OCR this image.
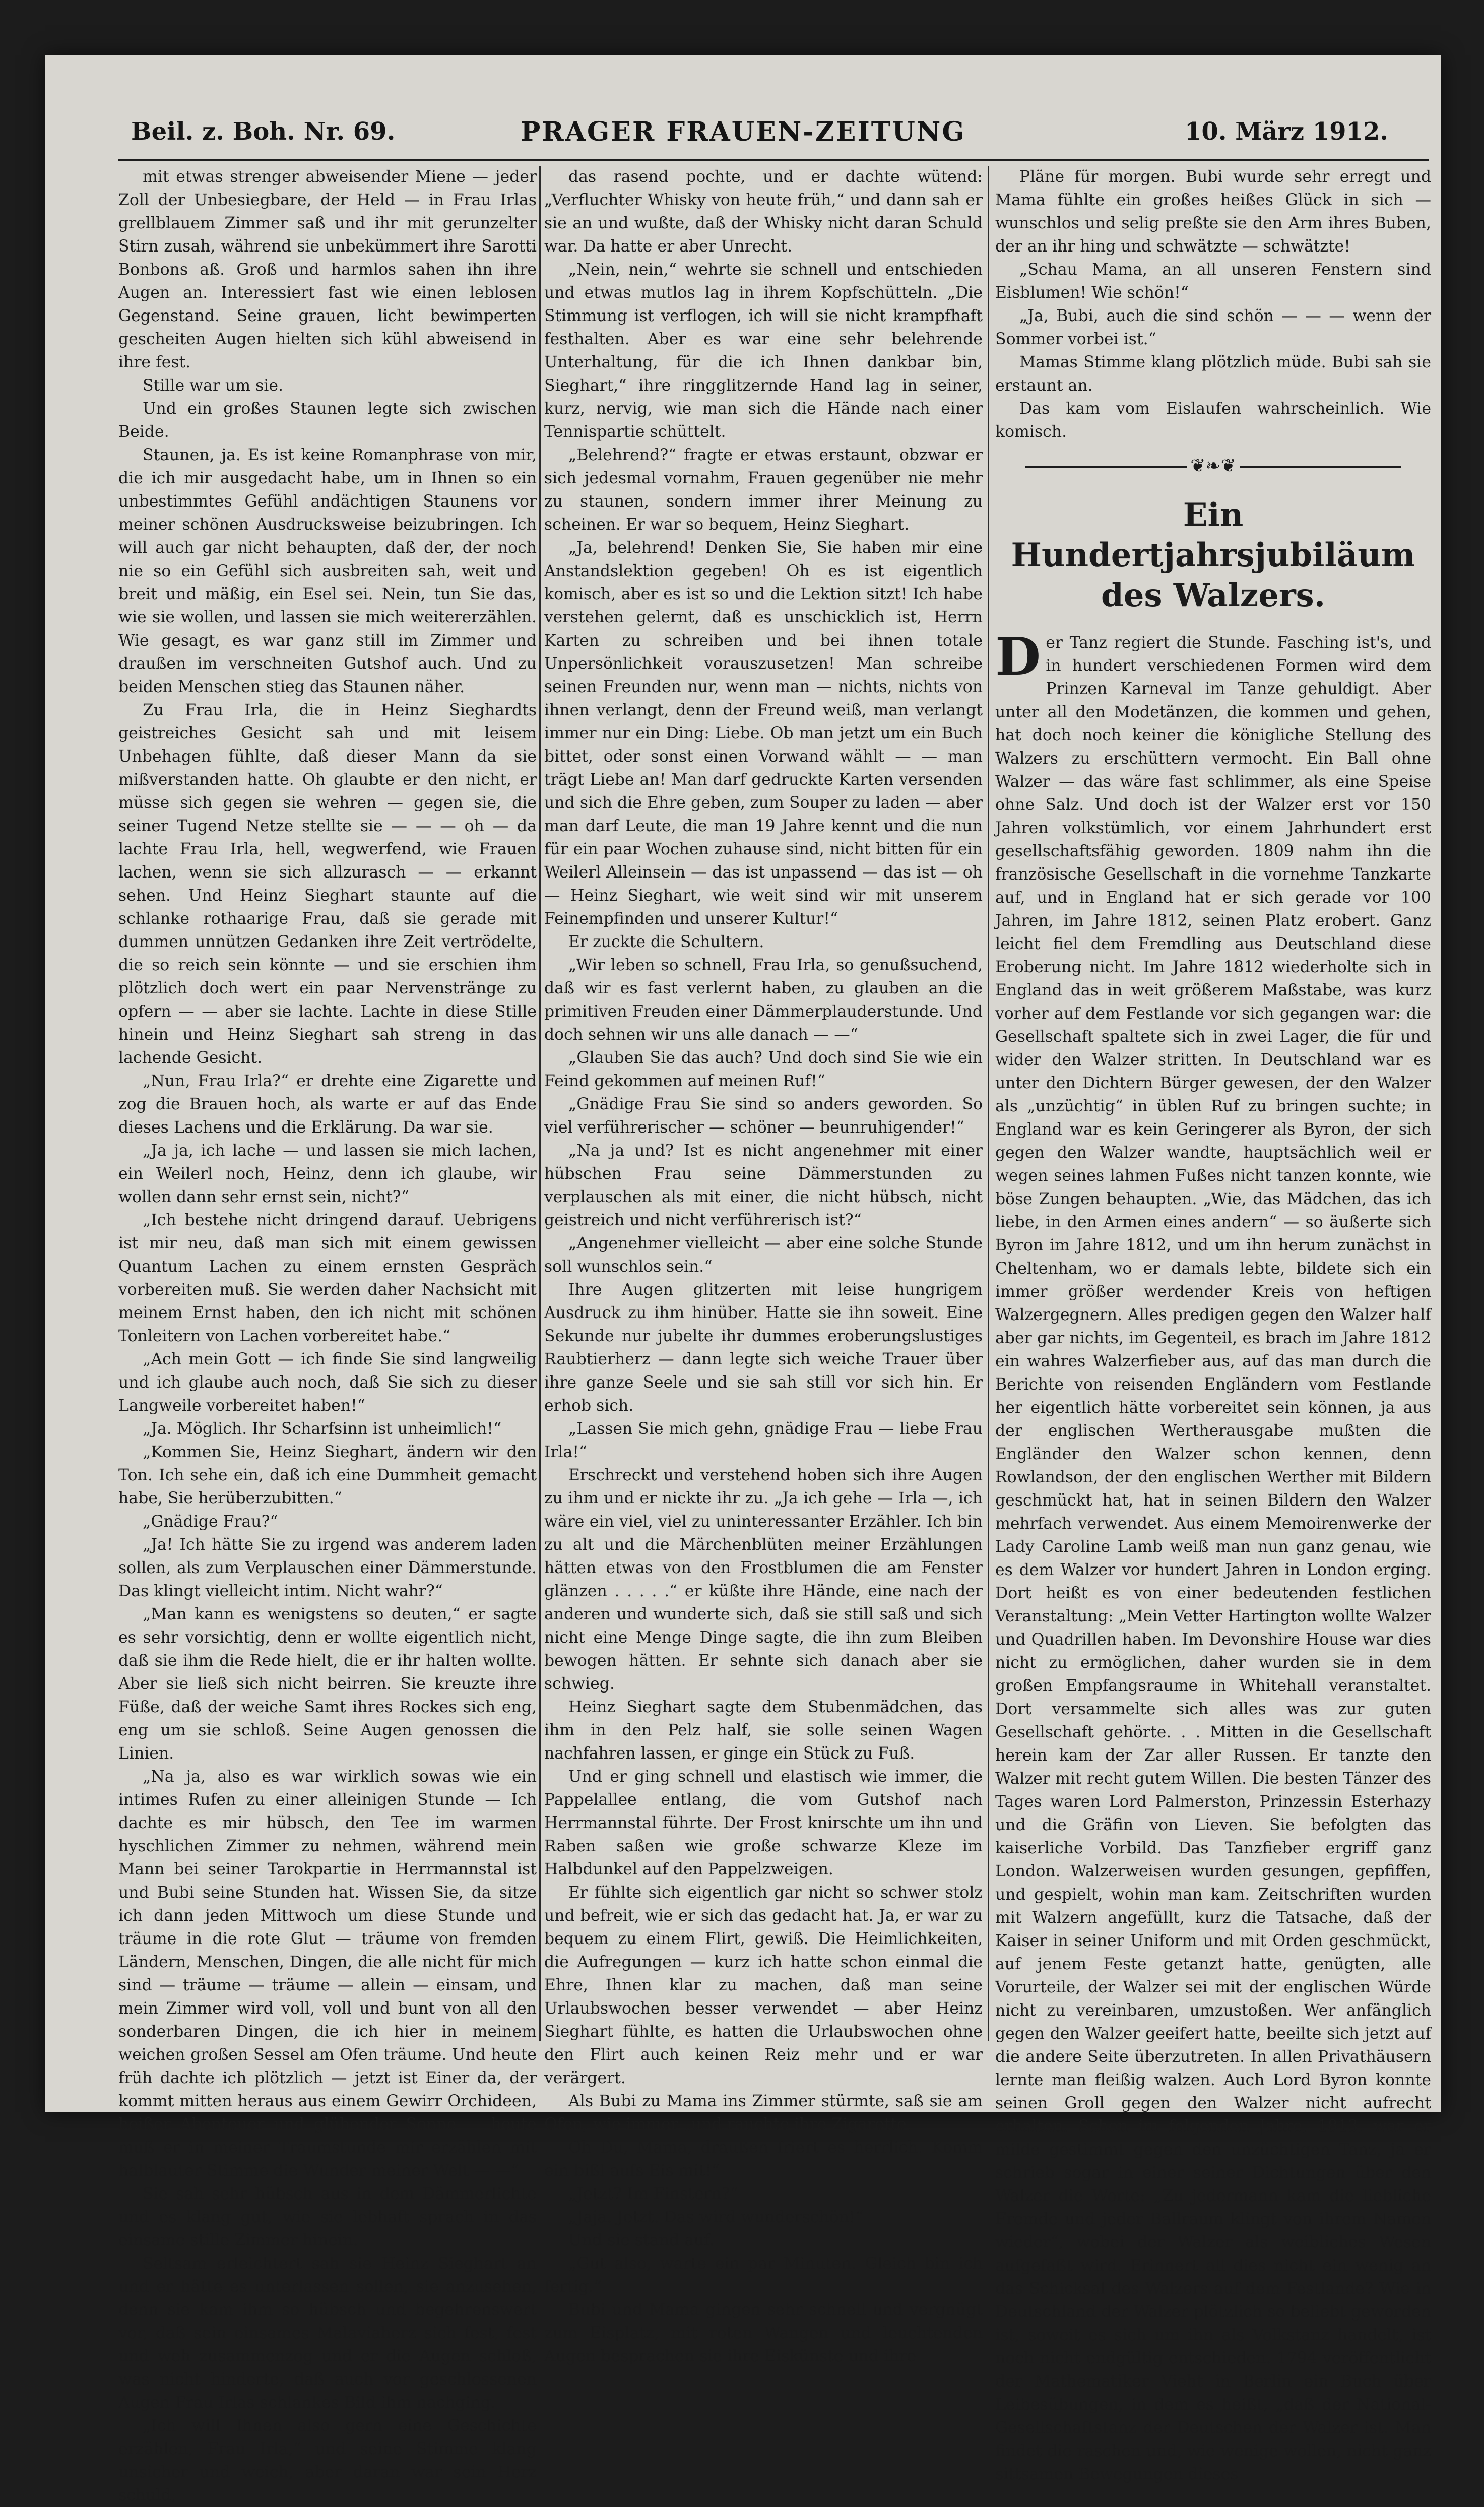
Beil. z. Boh. Nr. 69.	PRAGER FRAUEN-ZEITUNG	10. März 1912.

mit etwas strenger abweisender Miene — jeder Zoll der Unbesiegbare, der Held — in Frau Irlas grellblauem Zimmer saß und ihr mit gerunzelter Stirn zusah, während sie unbekümmert ihre Sarotti Bonbons aß. Groß und harmlos sahen ihn ihre Augen an. Interessiert fast wie einen leblosen Gegenstand. Seine grauen, licht bewimperten gescheiten Augen hielten sich kühl abweisend in ihre fest.

Stille war um sie.

Und ein großes Staunen legte sich zwischen Beide.

Staunen, ja. Es ist keine Romanphrase von mir, die ich mir ausgedacht habe, um in Ihnen so ein unbestimmtes Gefühl andächtigen Staunens vor meiner schönen Ausdrucksweise beizubringen. Ich will auch gar nicht behaupten, daß der, der noch nie so ein Gefühl sich ausbreiten sah, weit und breit und mäßig, ein Esel sei. Nein, tun Sie das, wie sie wollen, und lassen sie mich weitererzählen. Wie gesagt, es war ganz still im Zimmer und draußen im verschneiten Gutshof auch. Und zu beiden Menschen stieg das Staunen näher.

Zu Frau Irla, die in Heinz Sieghardts geistreiches Gesicht sah und mit leisem Unbehagen fühlte, daß dieser Mann da sie mißverstanden hatte. Oh glaubte er den nicht, er müsse sich gegen sie wehren — gegen sie, die seiner Tugend Netze stellte sie — — — oh — da lachte Frau Irla, hell, wegwerfend, wie Frauen lachen, wenn sie sich allzurasch — — erkannt sehen. Und Heinz Sieghart staunte auf die schlanke rothaarige Frau, daß sie gerade mit dummen unnützen Gedanken ihre Zeit vertrödelte, die so reich sein könnte — und sie erschien ihm plötzlich doch wert ein paar Nervenstränge zu opfern — — aber sie lachte. Lachte in diese Stille hinein und Heinz Sieghart sah streng in das lachende Gesicht.

„Nun, Frau Irla?“ er drehte eine Zigarette und zog die Brauen hoch, als warte er auf das Ende dieses Lachens und die Erklärung. Da war sie.

„Ja ja, ich lache — und lassen sie mich lachen, ein Weilerl noch, Heinz, denn ich glaube, wir wollen dann sehr ernst sein, nicht?“

„Ich bestehe nicht dringend darauf. Uebrigens ist mir neu, daß man sich mit einem gewissen Quantum Lachen zu einem ernsten Gespräch vorbereiten muß. Sie werden daher Nachsicht mit meinem Ernst haben, den ich nicht mit schönen Tonleitern von Lachen vorbereitet habe.“

„Ach mein Gott — ich finde Sie sind langweilig und ich glaube auch noch, daß Sie sich zu dieser Langweile vorbereitet haben!“

„Ja. Möglich. Ihr Scharfsinn ist unheimlich!“

„Kommen Sie, Heinz Sieghart, ändern wir den Ton. Ich sehe ein, daß ich eine Dummheit gemacht habe, Sie herüberzubitten.“

„Gnädige Frau?“

„Ja! Ich hätte Sie zu irgend was anderem laden sollen, als zum Verplauschen einer Dämmerstunde. Das klingt vielleicht intim. Nicht wahr?“

„Man kann es wenigstens so deuten,“ er sagte es sehr vorsichtig, denn er wollte eigentlich nicht, daß sie ihm die Rede hielt, die er ihr halten wollte. Aber sie ließ sich nicht beirren. Sie kreuzte ihre Füße, daß der weiche Samt ihres Rockes sich eng, eng um sie schloß. Seine Augen genossen die Linien.

„Na ja, also es war wirklich sowas wie ein intimes Rufen zu einer alleinigen Stunde — Ich dachte es mir hübsch, den Tee im warmen hyschlichen Zimmer zu nehmen, während mein Mann bei seiner Tarokpartie in Herrmannstal ist und Bubi seine Stunden hat. Wissen Sie, da sitze ich dann jeden Mittwoch um diese Stunde und träume in die rote Glut — träume von fremden Ländern, Menschen, Dingen, die alle nicht für mich sind — träume — träume — allein — einsam, und mein Zimmer wird voll, voll und bunt von all den sonderbaren Dingen, die ich hier in meinem weichen großen Sessel am Ofen träume. Und heute früh dachte ich plötzlich — jetzt ist Einer da, der kommt mitten heraus aus einem Gewirr Orchideen, heißer Abenteuer und glühender Sonne — heute muß er in meiner Traumstunde mir erzählen mit halblauter Stimme die Wunder meiner Welt — —“

Sie sah sehr hübsch aus in dem Dämmerlichte und es klang gut, wie sie lebhaft sprach in das einsame stille Zimmer hinein.

Seltsam erleichtert sah sie Heinz Sieghart an und er hätte es unterlassen sollen, sie anzusehen, denn sie kam ihm so hübsch und begehrenswert vor, daß sein einsames Malaviaherz sich fest, fest und weh zusammenzog und er die Augen schloß, was nicht hinderte, daß auch vor geschlossenen Augen Frau Irlas schlankes Bild ihm nachging.

„Ich will Ihnen also gern eine Geschichte erzählen, Frau Irla,“ und seine Stimme klang unsicher und weich, aber daran war sein Herz schuld,

das rasend pochte, und er dachte wütend: „Verfluchter Whisky von heute früh,“ und dann sah er sie an und wußte, daß der Whisky nicht daran Schuld war. Da hatte er aber Unrecht.

„Nein, nein,“ wehrte sie schnell und entschieden und etwas mutlos lag in ihrem Kopfschütteln. „Die Stimmung ist verflogen, ich will sie nicht krampfhaft festhalten. Aber es war eine sehr belehrende Unterhaltung, für die ich Ihnen dankbar bin, Sieghart,“ ihre ringglitzernde Hand lag in seiner, kurz, nervig, wie man sich die Hände nach einer Tennispartie schüttelt.

„Belehrend?“ fragte er etwas erstaunt, obzwar er sich jedesmal vornahm, Frauen gegenüber nie mehr zu staunen, sondern immer ihrer Meinung zu scheinen. Er war so bequem, Heinz Sieghart.

„Ja, belehrend! Denken Sie, Sie haben mir eine Anstandslektion gegeben! Oh es ist eigentlich komisch, aber es ist so und die Lektion sitzt! Ich habe verstehen gelernt, daß es unschicklich ist, Herrn Karten zu schreiben und bei ihnen totale Unpersönlichkeit vorauszusetzen! Man schreibe seinen Freunden nur, wenn man — nichts, nichts von ihnen verlangt, denn der Freund weiß, man verlangt immer nur ein Ding: Liebe. Ob man jetzt um ein Buch bittet, oder sonst einen Vorwand wählt — — man trägt Liebe an! Man darf gedruckte Karten versenden und sich die Ehre geben, zum Souper zu laden — aber man darf Leute, die man 19 Jahre kennt und die nun für ein paar Wochen zuhause sind, nicht bitten für ein Weilerl Alleinsein — das ist unpassend — das ist — oh — Heinz Sieghart, wie weit sind wir mit unserem Feinempfinden und unserer Kultur!“

Er zuckte die Schultern.

„Wir leben so schnell, Frau Irla, so genußsuchend, daß wir es fast verlernt haben, zu glauben an die primitiven Freuden einer Dämmerplauderstunde. Und doch sehnen wir uns alle danach — —“

„Glauben Sie das auch? Und doch sind Sie wie ein Feind gekommen auf meinen Ruf!“

„Gnädige Frau Sie sind so anders geworden. So viel verführerischer — schöner — beunruhigender!“

„Na ja und? Ist es nicht angenehmer mit einer hübschen Frau seine Dämmerstunden zu verplauschen als mit einer, die nicht hübsch, nicht geistreich und nicht verführerisch ist?“

„Angenehmer vielleicht — aber eine solche Stunde soll wunschlos sein.“

Ihre Augen glitzerten mit leise hungrigem Ausdruck zu ihm hinüber. Hatte sie ihn soweit. Eine Sekunde nur jubelte ihr dummes eroberungslustiges Raubtierherz — dann legte sich weiche Trauer über ihre ganze Seele und sie sah still vor sich hin. Er erhob sich.

„Lassen Sie mich gehn, gnädige Frau — liebe Frau Irla!“

Erschreckt und verstehend hoben sich ihre Augen zu ihm und er nickte ihr zu. „Ja ich gehe — Irla —, ich wäre ein viel, viel zu uninteressanter Erzähler. Ich bin zu alt und die Märchenblüten meiner Erzählungen hätten etwas von den Frostblumen die am Fenster glänzen . . . . .“ er küßte ihre Hände, eine nach der anderen und wunderte sich, daß sie still saß und sich nicht eine Menge Dinge sagte, die ihn zum Bleiben bewogen hätten. Er sehnte sich danach aber sie schwieg.

Heinz Sieghart sagte dem Stubenmädchen, das ihm in den Pelz half, sie solle seinen Wagen nachfahren lassen, er ginge ein Stück zu Fuß.

Und er ging schnell und elastisch wie immer, die Pappelallee entlang, die vom Gutshof nach Herrmannstal führte. Der Frost knirschte um ihn und Raben saßen wie große schwarze Kleze im Halbdunkel auf den Pappelzweigen.

Er fühlte sich eigentlich gar nicht so schwer stolz und befreit, wie er sich das gedacht hat. Ja, er war zu bequem zu einem Flirt, gewiß. Die Heimlichkeiten, die Aufregungen — kurz ich hatte schon einmal die Ehre, Ihnen klar zu machen, daß man seine Urlaubswochen besser verwendet — aber Heinz Sieghart fühlte, es hatten die Urlaubswochen ohne den Flirt auch keinen Reiz mehr und er war verärgert.

Als Bubi zu Mama ins Zimmer stürmte, saß sie am Ofen, wie immer „und rauchte ihre Zigarette.

Oh Du, Mama, draußen friert es herrlich. Komm ein bißl aufs Eis mit!“

„Jetzt? Im Finstern?“

„Jaja. Jetzt. Das wird wunderschön!“

Und sie stand auf.

„Gut also, warte ein par Minuten. Gleich bin ich fertig.“

Bubi und Mama gingen sehr schnell und vergnügt zum Eisplatz, mit roten Wangen und leuchtenden Augen besprachen sie ihre Eiskünste und ihre

Pläne für morgen. Bubi wurde sehr erregt und Mama fühlte ein großes heißes Glück in sich — wunschlos und selig preßte sie den Arm ihres Buben, der an ihr hing und schwätzte — schwätzte!

„Schau Mama, an all unseren Fenstern sind Eisblumen! Wie schön!“

„Ja, Bubi, auch die sind schön — — — wenn der Sommer vorbei ist.“

Mamas Stimme klang plötzlich müde. Bubi sah sie erstaunt an.

Das kam vom Eislaufen wahrscheinlich. Wie komisch.

❦❧❦
Ein Hundertjahrsjubiläum des Walzers.

Der Tanz regiert die Stunde. Fasching ist's, und in hundert verschiedenen Formen wird dem Prinzen Karneval im Tanze gehuldigt. Aber unter all den Modetänzen, die kommen und gehen, hat doch noch keiner die königliche Stellung des Walzers zu erschüttern vermocht. Ein Ball ohne Walzer — das wäre fast schlimmer, als eine Speise ohne Salz. Und doch ist der Walzer erst vor 150 Jahren volkstümlich, vor einem Jahrhundert erst gesellschaftsfähig geworden. 1809 nahm ihn die französische Gesellschaft in die vornehme Tanzkarte auf, und in England hat er sich gerade vor 100 Jahren, im Jahre 1812, seinen Platz erobert. Ganz leicht fiel dem Fremdling aus Deutschland diese Eroberung nicht. Im Jahre 1812 wiederholte sich in England das in weit größerem Maßstabe, was kurz vorher auf dem Festlande vor sich gegangen war: die Gesellschaft spaltete sich in zwei Lager, die für und wider den Walzer stritten. In Deutschland war es unter den Dichtern Bürger gewesen, der den Walzer als „unzüchtig“ in üblen Ruf zu bringen suchte; in England war es kein Geringerer als Byron, der sich gegen den Walzer wandte, hauptsächlich weil er wegen seines lahmen Fußes nicht tanzen konnte, wie böse Zungen behaupten. „Wie, das Mädchen, das ich liebe, in den Armen eines andern“ — so äußerte sich Byron im Jahre 1812, und um ihn herum zunächst in Cheltenham, wo er damals lebte, bildete sich ein immer größer werdender Kreis von heftigen Walzergegnern. Alles predigen gegen den Walzer half aber gar nichts, im Gegenteil, es brach im Jahre 1812 ein wahres Walzerfieber aus, auf das man durch die Berichte von reisenden Engländern vom Festlande her eigentlich hätte vorbereitet sein können, ja aus der englischen Wertherausgabe mußten die Engländer den Walzer schon kennen, denn Rowlandson, der den englischen Werther mit Bildern geschmückt hat, hat in seinen Bildern den Walzer mehrfach verwendet. Aus einem Memoirenwerke der Lady Caroline Lamb weiß man nun ganz genau, wie es dem Walzer vor hundert Jahren in London erging. Dort heißt es von einer bedeutenden festlichen Veranstaltung: „Mein Vetter Hartington wollte Walzer und Quadrillen haben. Im Devonshire House war dies nicht zu ermöglichen, daher wurden sie in dem großen Empfangsraume in Whitehall veranstaltet. Dort versammelte sich alles was zur guten Gesellschaft gehörte. . . Mitten in die Gesellschaft herein kam der Zar aller Russen. Er tanzte den Walzer mit recht gutem Willen. Die besten Tänzer des Tages waren Lord Palmerston, Prinzessin Esterhazy und die Gräfin von Lieven. Sie befolgten das kaiserliche Vorbild. Das Tanzfieber ergriff ganz London. Walzerweisen wurden gesungen, gepfiffen, und gespielt, wohin man kam. Zeitschriften wurden mit Walzern angefüllt, kurz die Tatsache, daß der Kaiser in seiner Uniform und mit Orden geschmückt, auf jenem Feste getanzt hatte, genügten, alle Vorurteile, der Walzer sei mit der englischen Würde nicht zu vereinbaren, umzustoßen. Wer anfänglich gegen den Walzer geeifert hatte, beeilte sich jetzt auf die andere Seite überzutreten. In allen Privathäusern lernte man fleißig walzen. Auch Lord Byron konnte seinen Groll gegen den Walzer nicht aufrecht erhalten. Schon im folgenden Jahre, 1813, war er milde gestimmt gegen den unzüchtigen Tanz, ja er schrieb sogar in einer seiner Dichtungen über den Walzer die Worte: „Zu jedermann kam die liebliche Fremde und jeder Ballraum klingt von ihrem Namen wieder“, wobei der Walzer als weibliches Wesen aufgefaßt wird. Erinnert all dies nicht ein wenig an das Schicksal des Walzers auf dem Festlande? Wie in Deutschland der Walzer plötzlich so beliebt geworden ist, soweit es sich um ihn als Volkstanz handelt, ist noch nicht endgültig entschieden. 1794 veröffentlicht der Mathematiker Vieht in Berlin ein Buch über Leibesübungen, in dem es heißt, „daß der National-Gesellschaftstanz der Deutschen der Walzer ist. Man findet die raschen und, wie wenige wollen, nicht ganz sittsamen Bewegungen dieses
